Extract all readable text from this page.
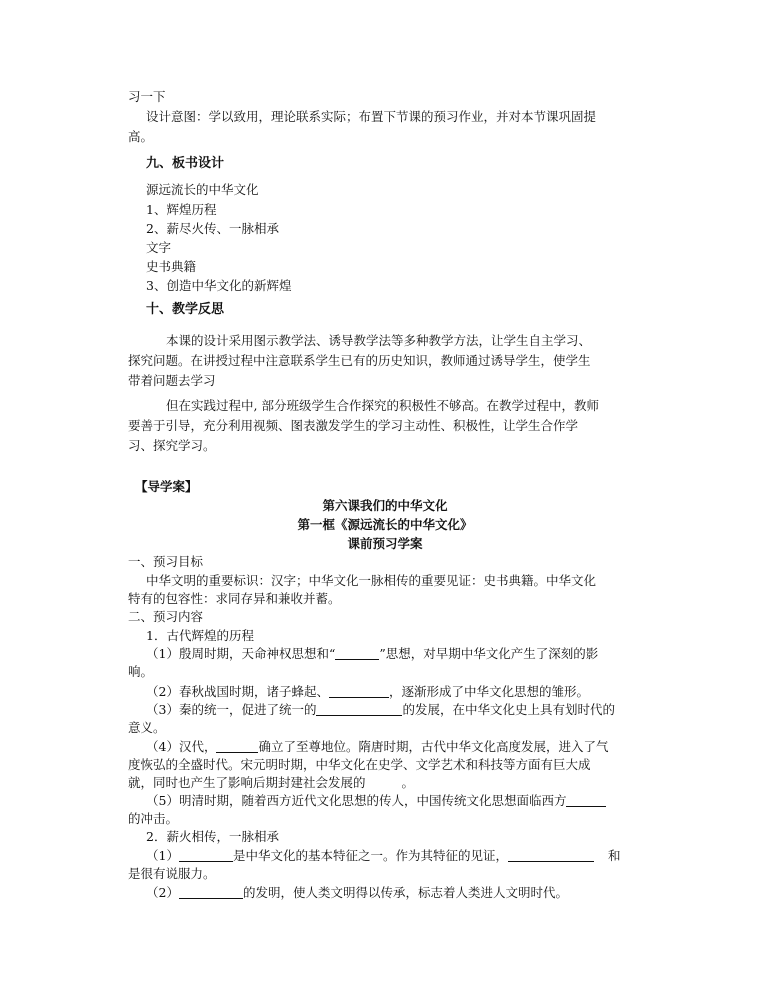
习一下
设计意图：学以致用，理论联系实际；布置下节课的预习作业，并对本节课巩固提
高。
九、板书设计
源远流长的中华文化
1、辉煌历程
2、薪尽火传、一脉相承
文字
史书典籍
3、创造中华文化的新辉煌
十、教学反思
本课的设计采用图示教学法、诱导教学法等多种教学方法，让学生自主学习、
探究问题。在讲授过程中注意联系学生已有的历史知识，教师通过诱导学生，使学生
带着问题去学习
但在实践过程中, 部分班级学生合作探究的积极性不够高。在教学过程中，教师
要善于引导，充分利用视频、图表激发学生的学习主动性、积极性，让学生合作学
习、探究学习。
【导学案】
第六课我们的中华文化
第一框《源远流长的中华文化》
课前预习学案
一、预习目标
中华文明的重要标识：汉字；中华文化一脉相传的重要见证：史书典籍。中华文化
特有的包容性：求同存异和兼收并蓄。
二、预习内容
1．古代辉煌的历程
（1）殷周时期，天命神权思想和“	”思想，对早期中华文化产生了深刻的影
响。
（2）春秋战国时期，诸子蜂起、	，逐渐形成了中华文化思想的雏形。
（3）秦的统一，促进了统一的	的发展，在中华文化史上具有划时代的
意义。
（4）汉代，	确立了至尊地位。隋唐时期，古代中华文化高度发展，进入了气
度恢弘的全盛时代。宋元明时期，中华文化在史学、文学艺术和科技等方面有巨大成
就，同时也产生了影响后期封建社会发展的	。
（5）明清时期，随着西方近代文化思想的传人，中国传统文化思想面临西方
的冲击。
2．薪火相传，一脉相承
（1）	是中华文化的基本特征之一。作为其特征的见证，	和
是很有说服力。
（2）	的发明，使人类文明得以传承，标志着人类进人文明时代。
